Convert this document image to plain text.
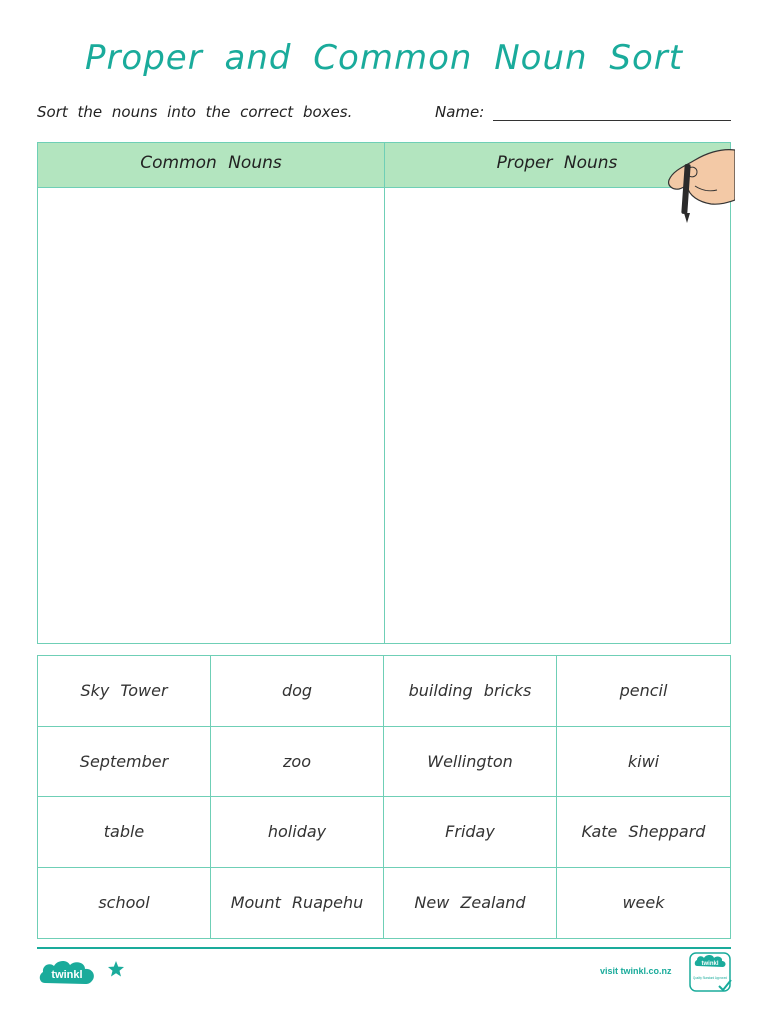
Proper and Common Noun Sort
Sort the nouns into the correct boxes.	Name:
Common Nouns	Proper Nouns
Sky Tower	dog	building bricks	pencil
September	zoo	Wellington	kiwi
table	holiday	Friday	Kate Sheppard
school	Mount Ruapehu	New Zealand	week
twinkl	visit twinkl.co.nz
twinkl
Quality Standard Approved
